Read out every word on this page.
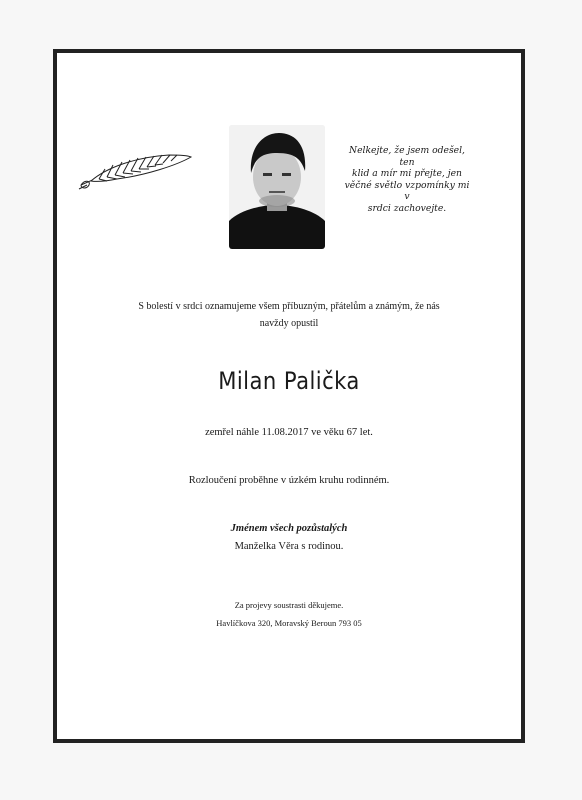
Nelkejte, že jsem odešel, ten
klid a mír mi přejte, jen
věčné světlo vzpomínky mi v
srdci zachovejte.
S bolestí v srdci oznamujeme všem příbuzným, přátelům a známým, že nás
navždy opustil
Milan Palička
zemřel náhle 11.08.2017 ve věku 67 let.
Rozloučení proběhne v úzkém kruhu rodinném.
Jménem všech pozůstalých
Manželka Věra s rodinou.
Za projevy soustrasti děkujeme.
Havlíčkova 320, Moravský Beroun 793 05
